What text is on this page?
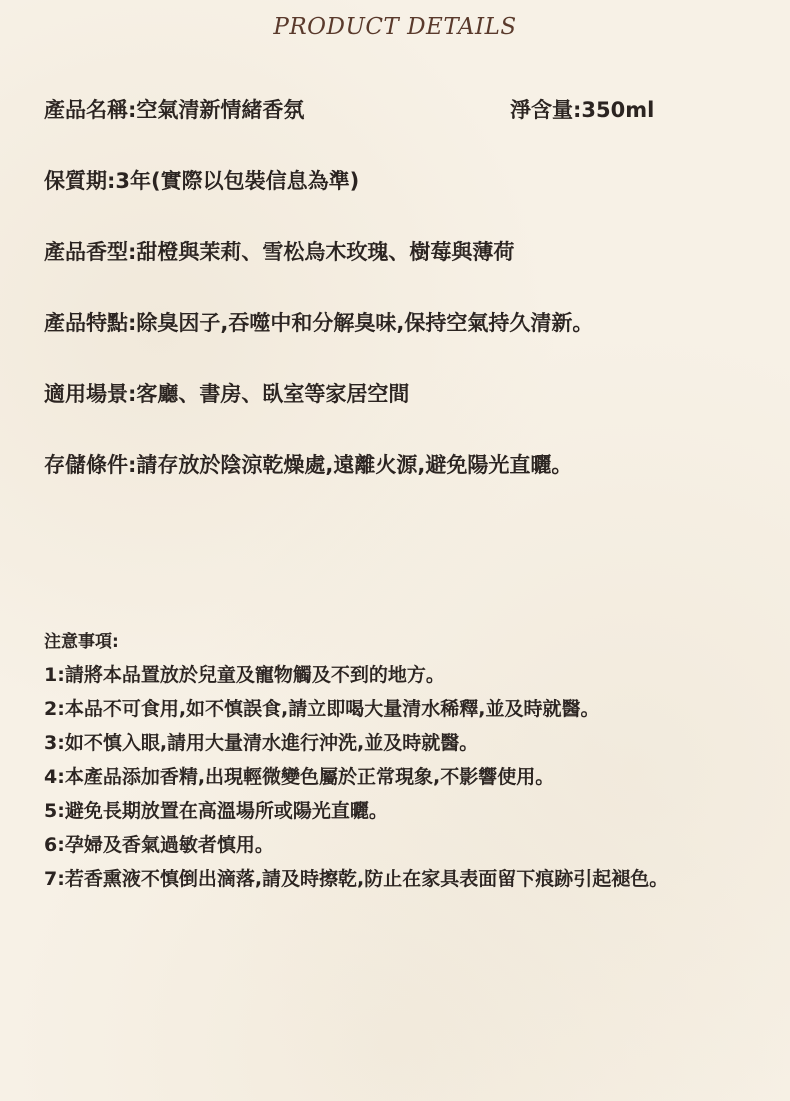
PRODUCT DETAILS
產品名稱:空氣清新情緒香氛	淨含量:350ml
保質期:3年(實際以包裝信息為準)
產品香型:甜橙與茉莉、雪松烏木玫瑰、樹莓與薄荷
產品特點:除臭因子,吞噬中和分解臭味,保持空氣持久清新。
適用場景:客廳、書房、臥室等家居空間
存儲條件:請存放於陰涼乾燥處,遠離火源,避免陽光直曬。
注意事項:
1:請將本品置放於兒童及寵物觸及不到的地方。
2:本品不可食用,如不慎誤食,請立即喝大量清水稀釋,並及時就醫。
3:如不慎入眼,請用大量清水進行沖洗,並及時就醫。
4:本產品添加香精,出現輕微變色屬於正常現象,不影響使用。
5:避免長期放置在高溫場所或陽光直曬。
6:孕婦及香氣過敏者慎用。
7:若香熏液不慎倒出滴落,請及時擦乾,防止在家具表面留下痕跡引起褪色。
